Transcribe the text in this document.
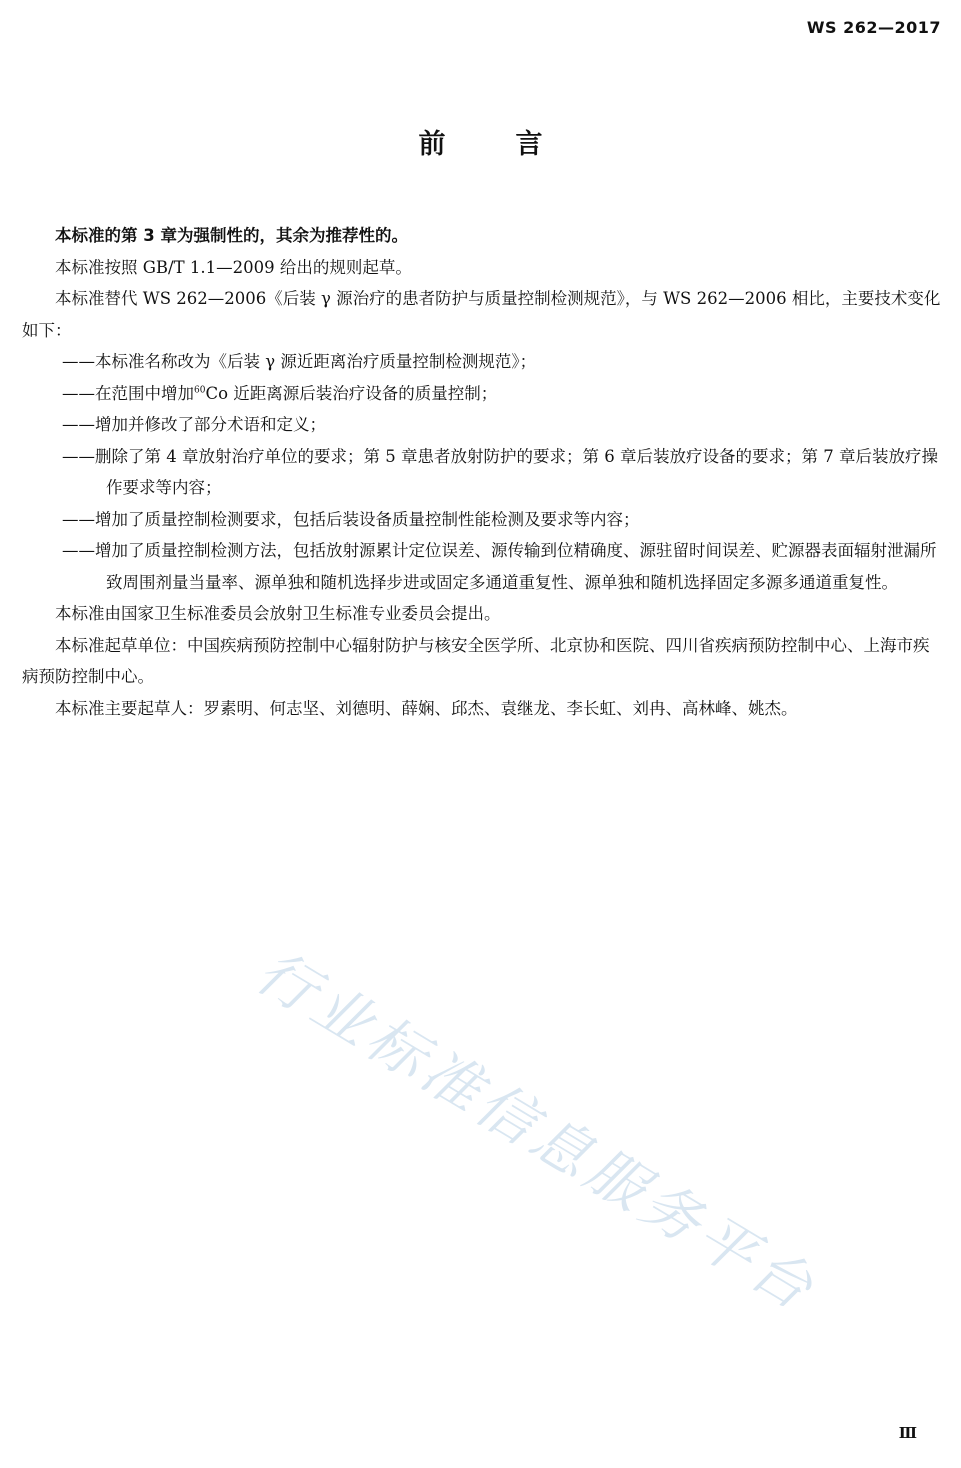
WS 262—2017
前	言

本标准的第 3 章为强制性的，其余为推荐性的。

本标准按照 GB/T 1.1—2009 给出的规则起草。

本标准替代 WS 262—2006《后装 γ 源治疗的患者防护与质量控制检测规范》，与 WS 262—2006 相比，主要技术变化如下：

——本标准名称改为《后装 γ 源近距离治疗质量控制检测规范》；

——在范围中增加$^{60}$Co 近距离源后装治疗设备的质量控制；

——增加并修改了部分术语和定义；

——删除了第 4 章放射治疗单位的要求；第 5 章患者放射防护的要求；第 6 章后装放疗设备的要求；第 7 章后装放疗操作要求等内容；

——增加了质量控制检测要求，包括后装设备质量控制性能检测及要求等内容；

——增加了质量控制检测方法，包括放射源累计定位误差、源传输到位精确度、源驻留时间误差、贮源器表面辐射泄漏所致周围剂量当量率、源单独和随机选择步进或固定多通道重复性、源单独和随机选择固定多源多通道重复性。

本标准由国家卫生标准委员会放射卫生标准专业委员会提出。

本标准起草单位：中国疾病预防控制中心辐射防护与核安全医学所、北京协和医院、四川省疾病预防控制中心、上海市疾病预防控制中心。

本标准主要起草人：罗素明、何志坚、刘德明、薛娴、邱杰、袁继龙、李长虹、刘冉、高林峰、姚杰。

行业标准信息服务平台
Ⅲ
